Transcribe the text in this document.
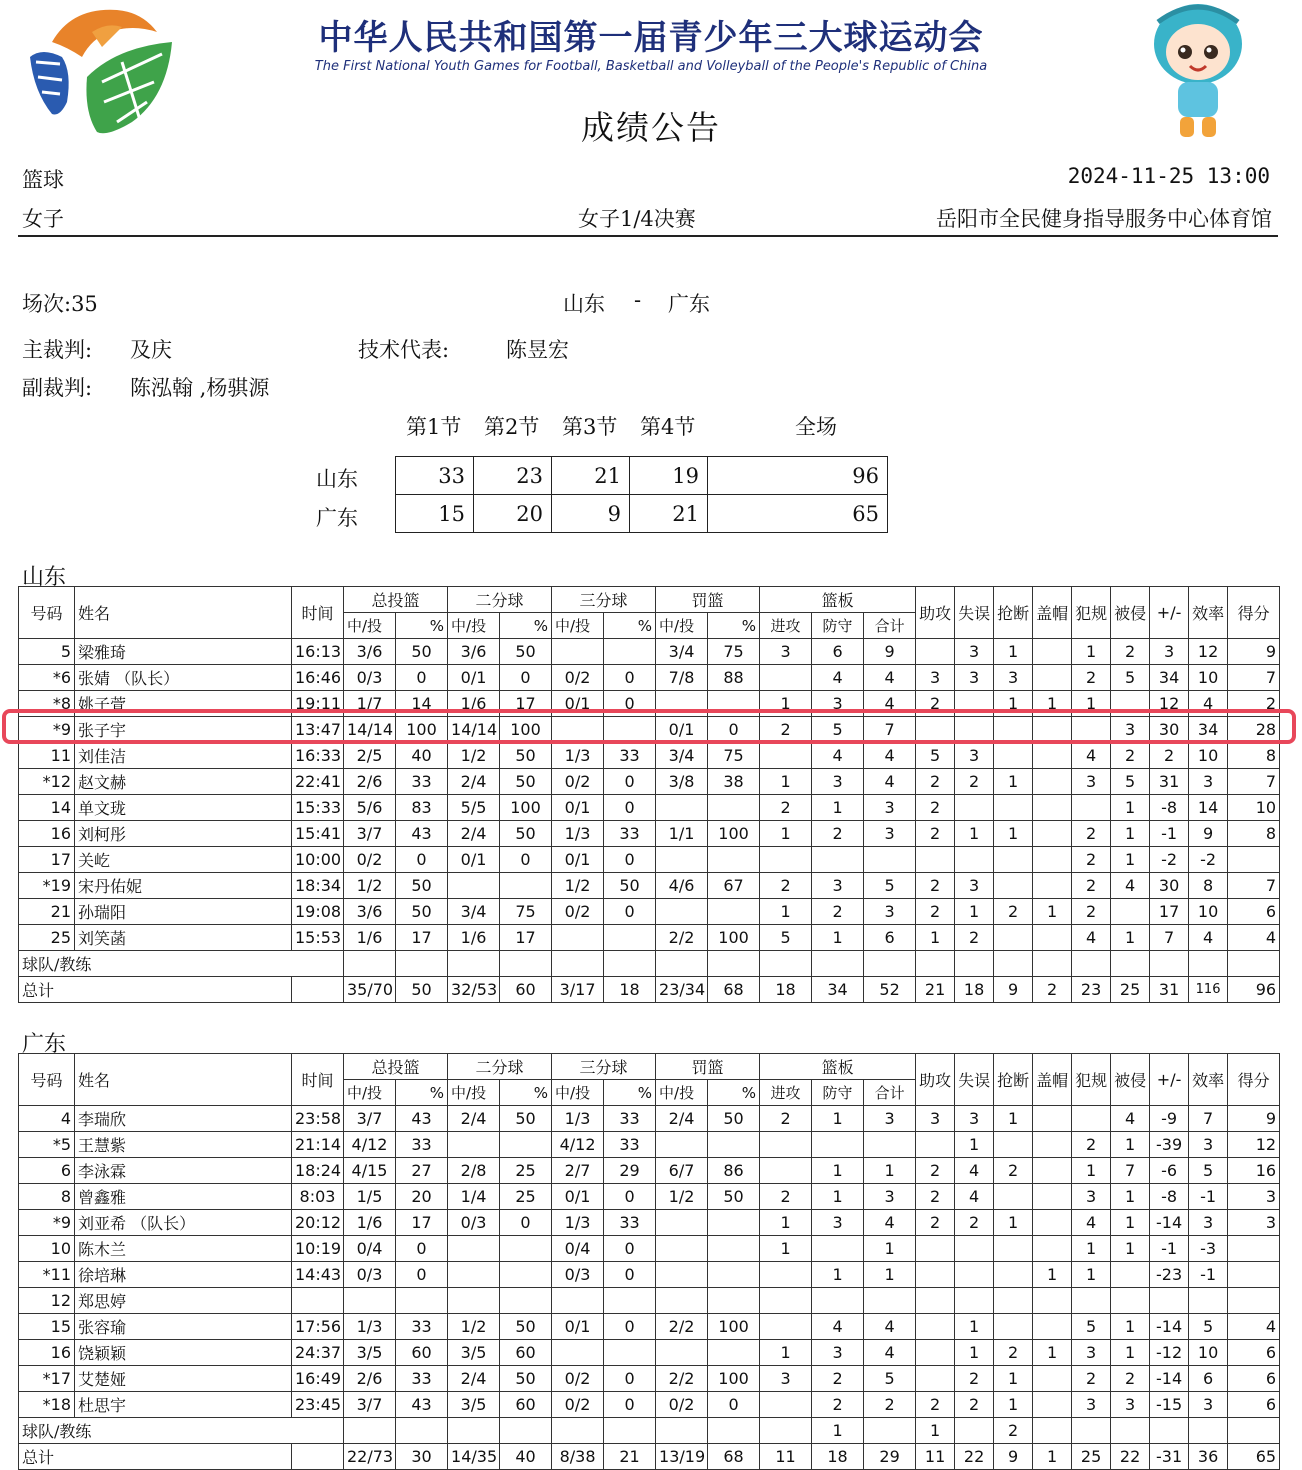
中华人民共和国第一届青少年三大球运动会
The First National Youth Games for Football, Basketball and Volleyball of the People's Republic of China
成绩公告
篮球	2024-11-25 13:00
女子	女子1/4决赛	岳阳市全民健身指导服务中心体育馆
场次:35	山东 - 广东
主裁判: 及庆	技术代表:	陈昱宏
副裁判: 陈泓翰 ,杨骐源
第1节 第2节 第3节 第4节	全场
山东
广东
33	23	21	19	96
15	20	9	21	65
山东
号码	姓名	时间	总投篮		二分球		三分球		罚篮		篮板			助攻	失误	抢断	盖帽	犯规	被侵	+/-	效率	得分
			中/投	%	中/投	%	中/投	%	中/投	%	进攻	防守	合计									
5	梁雅琦	16:13	3/6	50	3/6	50			3/4	75	3	6	9		3	1		1	2	3	12	9
*6	张婧 （队长）	16:46	0/3	0	0/1	0	0/2	0	7/8	88		4	4	3	3	3		2	5	34	10	7
*8	姚子萱	19:11	1/7	14	1/6	17	0/1	0			1	3	4	2		1	1	1		12	4	2
*9	张子宇	13:47	14/14	100	14/14	100			0/1	0	2	5	7						3	30	34	28
11	刘佳洁	16:33	2/5	40	1/2	50	1/3	33	3/4	75		4	4	5	3			4	2	2	10	8
*12	赵文赫	22:41	2/6	33	2/4	50	0/2	0	3/8	38	1	3	4	2	2	1		3	5	31	3	7
14	单文珑	15:33	5/6	83	5/5	100	0/1	0			2	1	3	2					1	-8	14	10
16	刘柯彤	15:41	3/7	43	2/4	50	1/3	33	1/1	100	1	2	3	2	1	1		2	1	-1	9	8
17	关屹	10:00	0/2	0	0/1	0	0/1	0										2	1	-2	-2	
*19	宋丹佑妮	18:34	1/2	50			1/2	50	4/6	67	2	3	5	2	3			2	4	30	8	7
21	孙瑞阳	19:08	3/6	50	3/4	75	0/2	0			1	2	3	2	1	2	1	2		17	10	6
25	刘笑菡	15:53	1/6	17	1/6	17			2/2	100	5	1	6	1	2			4	1	7	4	4
球队/教练																						
总计			35/70	50	32/53	60	3/17	18	23/34	68	18	34	52	21	18	9	2	23	25	31	116	96
广东
号码	姓名	时间	总投篮		二分球		三分球		罚篮		篮板			助攻	失误	抢断	盖帽	犯规	被侵	+/-	效率	得分
			中/投	%	中/投	%	中/投	%	中/投	%	进攻	防守	合计									
4	李瑞欣	23:58	3/7	43	2/4	50	1/3	33	2/4	50	2	1	3	3	3	1			4	-9	7	9
*5	王慧紫	21:14	4/12	33			4/12	33							1			2	1	-39	3	12
6	李泳霖	18:24	4/15	27	2/8	25	2/7	29	6/7	86		1	1	2	4	2		1	7	-6	5	16
8	曾鑫雅	8:03	1/5	20	1/4	25	0/1	0	1/2	50	2	1	3	2	4			3	1	-8	-1	3
*9	刘亚希 （队长）	20:12	1/6	17	0/3	0	1/3	33			1	3	4	2	2	1		4	1	-14	3	3
10	陈木兰	10:19	0/4	0			0/4	0			1		1					1	1	-1	-3	
*11	徐培琳	14:43	0/3	0			0/3	0				1	1				1	1		-23	-1	
12	郑思婷																					
15	张容瑜	17:56	1/3	33	1/2	50	0/1	0	2/2	100		4	4		1			5	1	-14	5	4
16	饶颖颖	24:37	3/5	60	3/5	60					1	3	4		1	2	1	3	1	-12	10	6
*17	艾楚娅	16:49	2/6	33	2/4	50	0/2	0	2/2	100	3	2	5		2	1		2	2	-14	6	6
*18	杜思宇	23:45	3/7	43	3/5	60	0/2	0	0/2	0		2	2	2	2	1		3	3	-15	3	6
球队/教练												1		1		2						
总计			22/73	30	14/35	40	8/38	21	13/19	68	11	18	29	11	22	9	1	25	22	-31	36	65
